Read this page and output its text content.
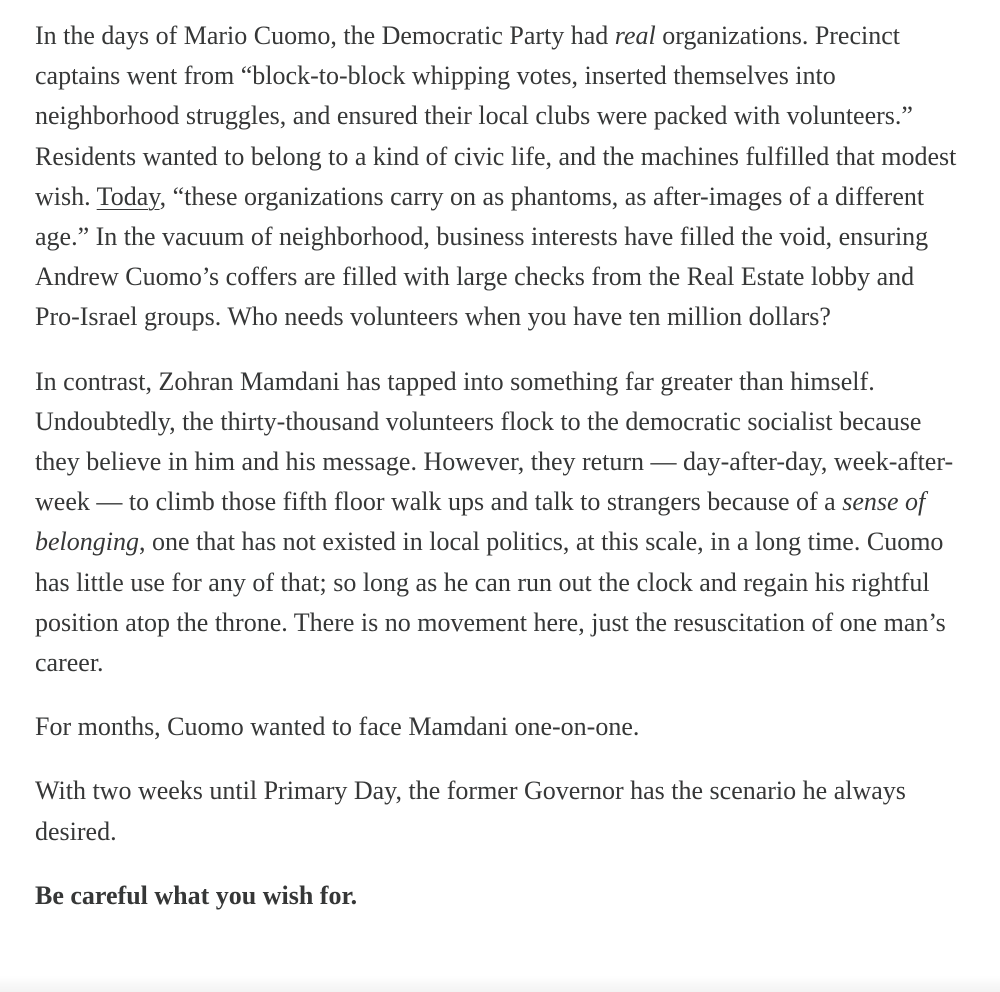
In the days of Mario Cuomo, the Democratic Party had real organizations. Precinct captains went from “block-to-block whipping votes, inserted themselves into neighborhood struggles, and ensured their local clubs were packed with volunteers.” Residents wanted to belong to a kind of civic life, and the machines fulfilled that modest wish. Today, “these organizations carry on as phantoms, as after-images of a different age.” In the vacuum of neighborhood, business interests have filled the void, ensuring Andrew Cuomo’s coffers are filled with large checks from the Real Estate lobby and Pro-Israel groups. Who needs volunteers when you have ten million dollars?

In contrast, Zohran Mamdani has tapped into something far greater than himself. Undoubtedly, the thirty-thousand volunteers flock to the democratic socialist because they believe in him and his message. However, they return — day-after-day, week-after-week — to climb those fifth floor walk ups and talk to strangers because of a sense of belonging, one that has not existed in local politics, at this scale, in a long time. Cuomo has little use for any of that; so long as he can run out the clock and regain his rightful position atop the throne. There is no movement here, just the resuscitation of one man’s career.

For months, Cuomo wanted to face Mamdani one-on-one.

With two weeks until Primary Day, the former Governor has the scenario he always desired.

Be careful what you wish for.
